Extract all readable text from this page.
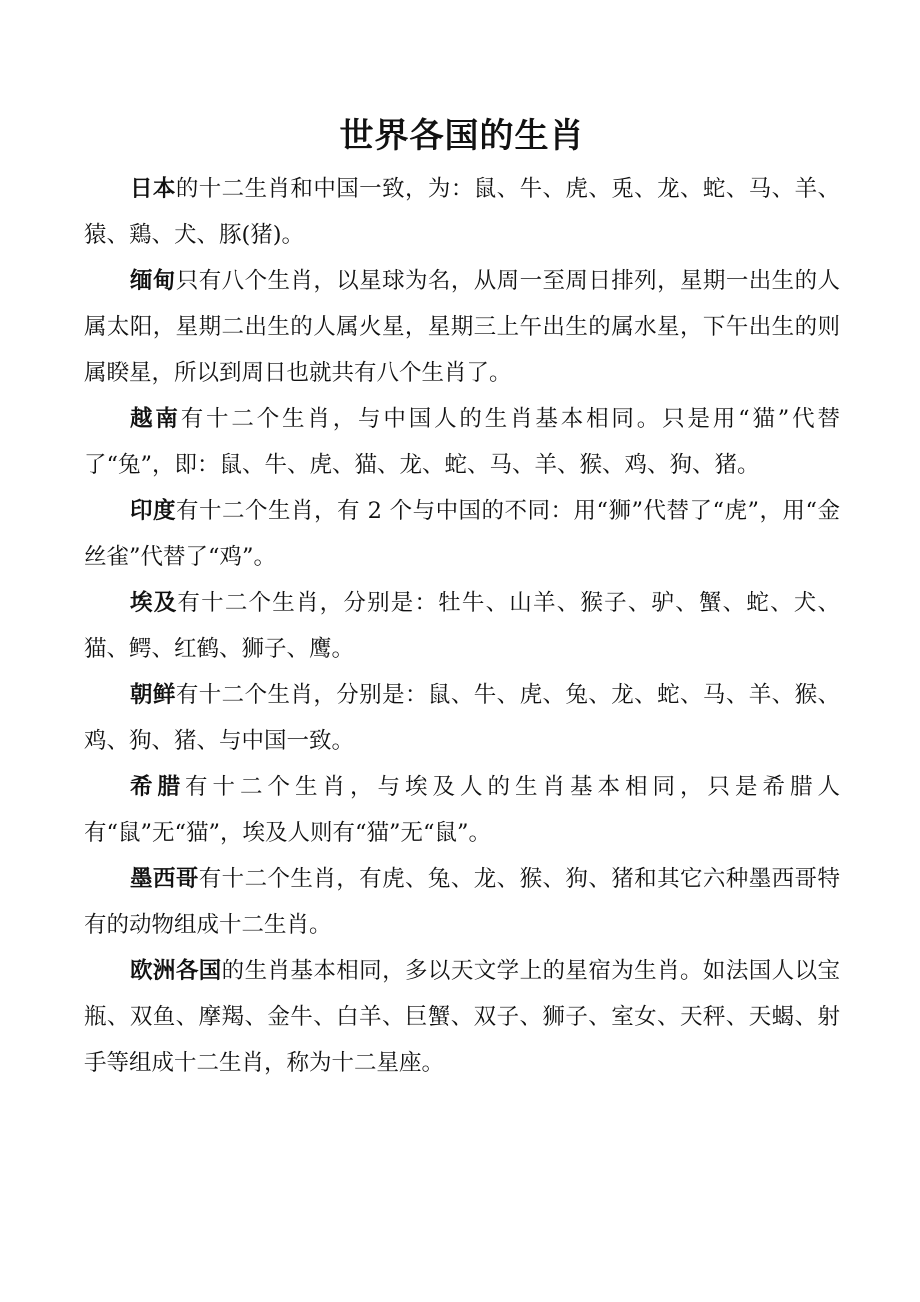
世界各国的生肖

日本的十二生肖和中国一致，为：鼠、牛、虎、兎、龙、蛇、马、羊、猿、鶏、犬、豚(猪)。

缅甸只有八个生肖，以星球为名，从周一至周日排列，星期一出生的人属太阳，星期二出生的人属火星，星期三上午出生的属水星，下午出生的则属睽星，所以到周日也就共有八个生肖了。

越南有十二个生肖，与中国人的生肖基本相同。只是用“猫”代替了“兔”，即：鼠、牛、虎、猫、龙、蛇、马、羊、猴、鸡、狗、猪。

印度有十二个生肖，有 2 个与中国的不同：用“狮”代替了“虎”，用“金丝雀”代替了“鸡”。

埃及有十二个生肖，分别是：牡牛、山羊、猴子、驴、蟹、蛇、犬、猫、鳄、红鹤、狮子、鹰。

朝鲜有十二个生肖，分别是：鼠、牛、虎、兔、龙、蛇、马、羊、猴、鸡、狗、猪、与中国一致。

希腊有十二个生肖，与埃及人的生肖基本相同，只是希腊人有“鼠”无“猫”，埃及人则有“猫”无“鼠”。

墨西哥有十二个生肖，有虎、兔、龙、猴、狗、猪和其它六种墨西哥特有的动物组成十二生肖。

欧洲各国的生肖基本相同，多以天文学上的星宿为生肖。如法国人以宝瓶、双鱼、摩羯、金牛、白羊、巨蟹、双子、狮子、室女、天秤、天蝎、射手等组成十二生肖，称为十二星座。
